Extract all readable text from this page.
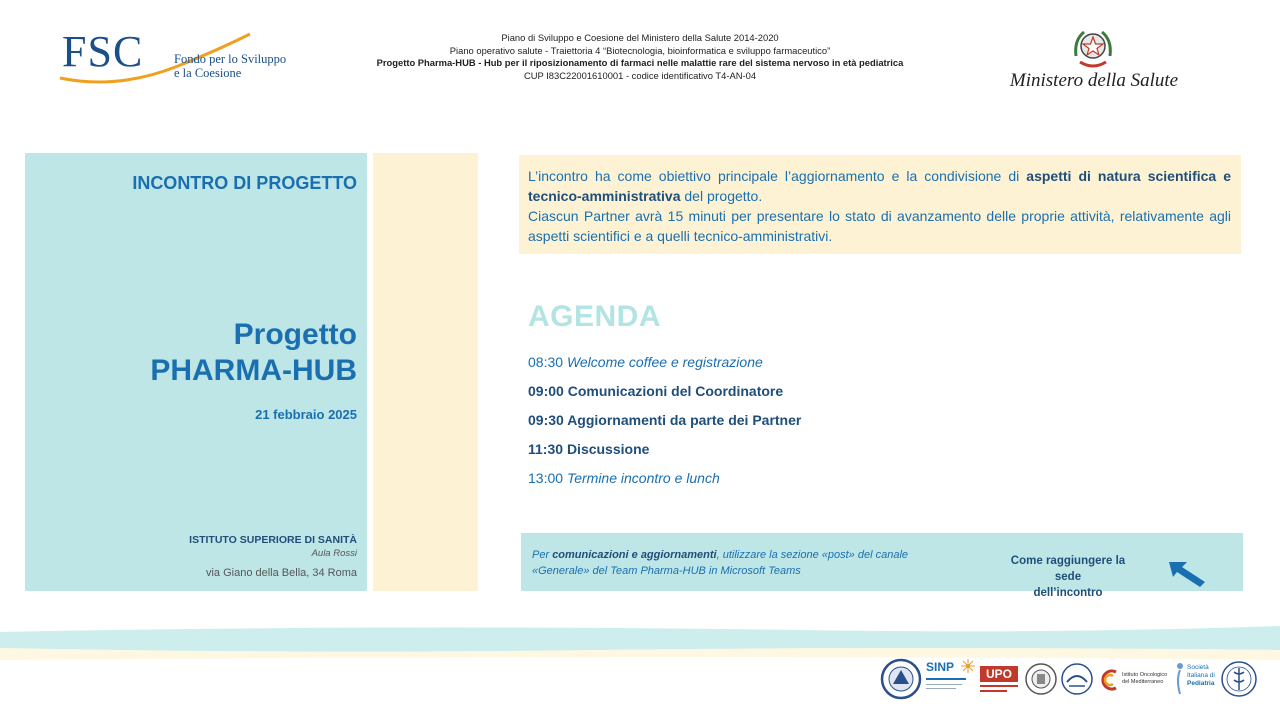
FSC Fondo per lo Sviluppo
e la Coesione
Piano di Sviluppo e Coesione del Ministero della Salute 2014-2020
Piano operativo salute - Traiettoria 4 “Biotecnologia, bioinformatica e sviluppo farmaceutico”
Progetto Pharma-HUB - Hub per il riposizionamento di farmaci nelle malattie rare del sistema nervoso in età pediatrica
CUP I83C22001610001 - codice identificativo T4-AN-04	Ministero della Salute
INCONTRO DI PROGETTO
Progetto
PHARMA-HUB
21 febbraio 2025
ISTITUTO SUPERIORE DI SANITÀ
Aula Rossi
via Giano della Bella, 34 Roma
L’incontro ha come obiettivo principale l’aggiornamento e la condivisione di aspetti di natura scientifica e tecnico-amministrativa del progetto.
Ciascun Partner avrà 15 minuti per presentare lo stato di avanzamento delle proprie attività, relativamente agli aspetti scientifici e a quelli tecnico-amministrativi.
AGENDA
08:30 Welcome coffee e registrazione
09:00 Comunicazioni del Coordinatore
09:30 Aggiornamenti da parte dei Partner
11:30 Discussione
13:00 Termine incontro e lunch
Per comunicazioni e aggiornamenti, utilizzare la sezione «post» del canale «Generale» del Team Pharma-HUB in Microsoft Teams
Come raggiungere la sede
dell’incontro
SINP	UPO	Istituto Oncologico
del Mediterraneo
Società
Italiana di
Pediatria
